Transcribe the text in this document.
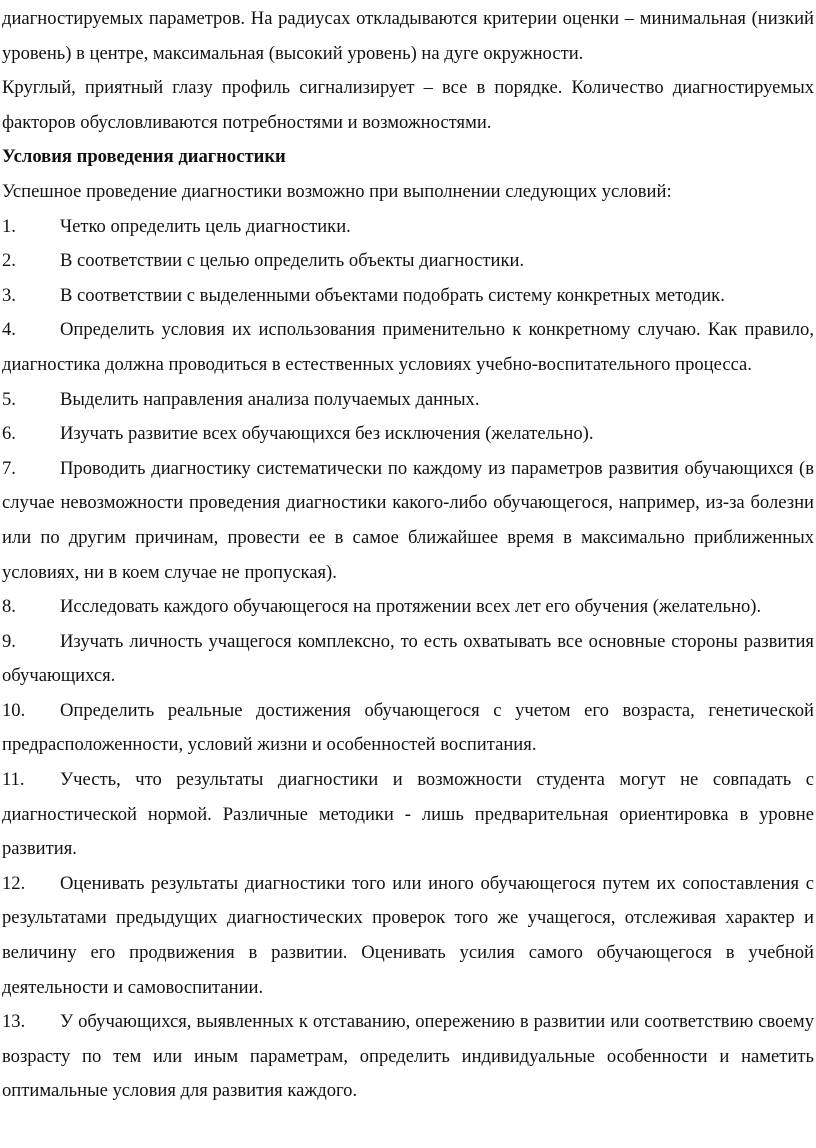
диагностируемых параметров. На радиусах откладываются критерии оценки – минимальная (низкий уровень) в центре, максимальная (высокий уровень) на дуге окружности.

Круглый, приятный глазу профиль сигнализирует – все в порядке. Количество диагностируемых факторов обусловливаются потребностями и возможностями.

Условия проведения диагностики

Успешное проведение диагностики возможно при выполнении следующих условий:

1. Четко определить цель диагностики.

2. В соответствии с целью определить объекты диагностики.

3. В соответствии с выделенными объектами подобрать систему конкретных методик.

4. Определить условия их использования применительно к конкретному случаю. Как правило, диагностика должна проводиться в естественных условиях учебно-воспитательного процесса.

5. Выделить направления анализа получаемых данных.

6. Изучать развитие всех обучающихся без исключения (желательно).

7. Проводить диагностику систематически по каждому из параметров развития обучающихся (в случае невозможности проведения диагностики какого-либо обучающегося, например, из-за болезни или по другим причинам, провести ее в самое ближайшее время в максимально приближенных условиях, ни в коем случае не пропуская).

8. Исследовать каждого обучающегося на протяжении всех лет его обучения (желательно).

9. Изучать личность учащегося комплексно, то есть охватывать все основные стороны развития обучающихся.

10. Определить реальные достижения обучающегося с учетом его возраста, генетической предрасположенности, условий жизни и особенностей воспитания.

11. Учесть, что результаты диагностики и возможности студента могут не совпадать с диагностической нормой. Различные методики - лишь предварительная ориентировка в уровне развития.

12. Оценивать результаты диагностики того или иного обучающегося путем их сопоставления с результатами предыдущих диагностических проверок того же учащегося, отслеживая характер и величину его продвижения в развитии. Оценивать усилия самого обучающегося в учебной деятельности и самовоспитании.

13. У обучающихся, выявленных к отставанию, опережению в развитии или соответствию своему возрасту по тем или иным параметрам, определить индивидуальные особенности и наметить оптимальные условия для развития каждого.
